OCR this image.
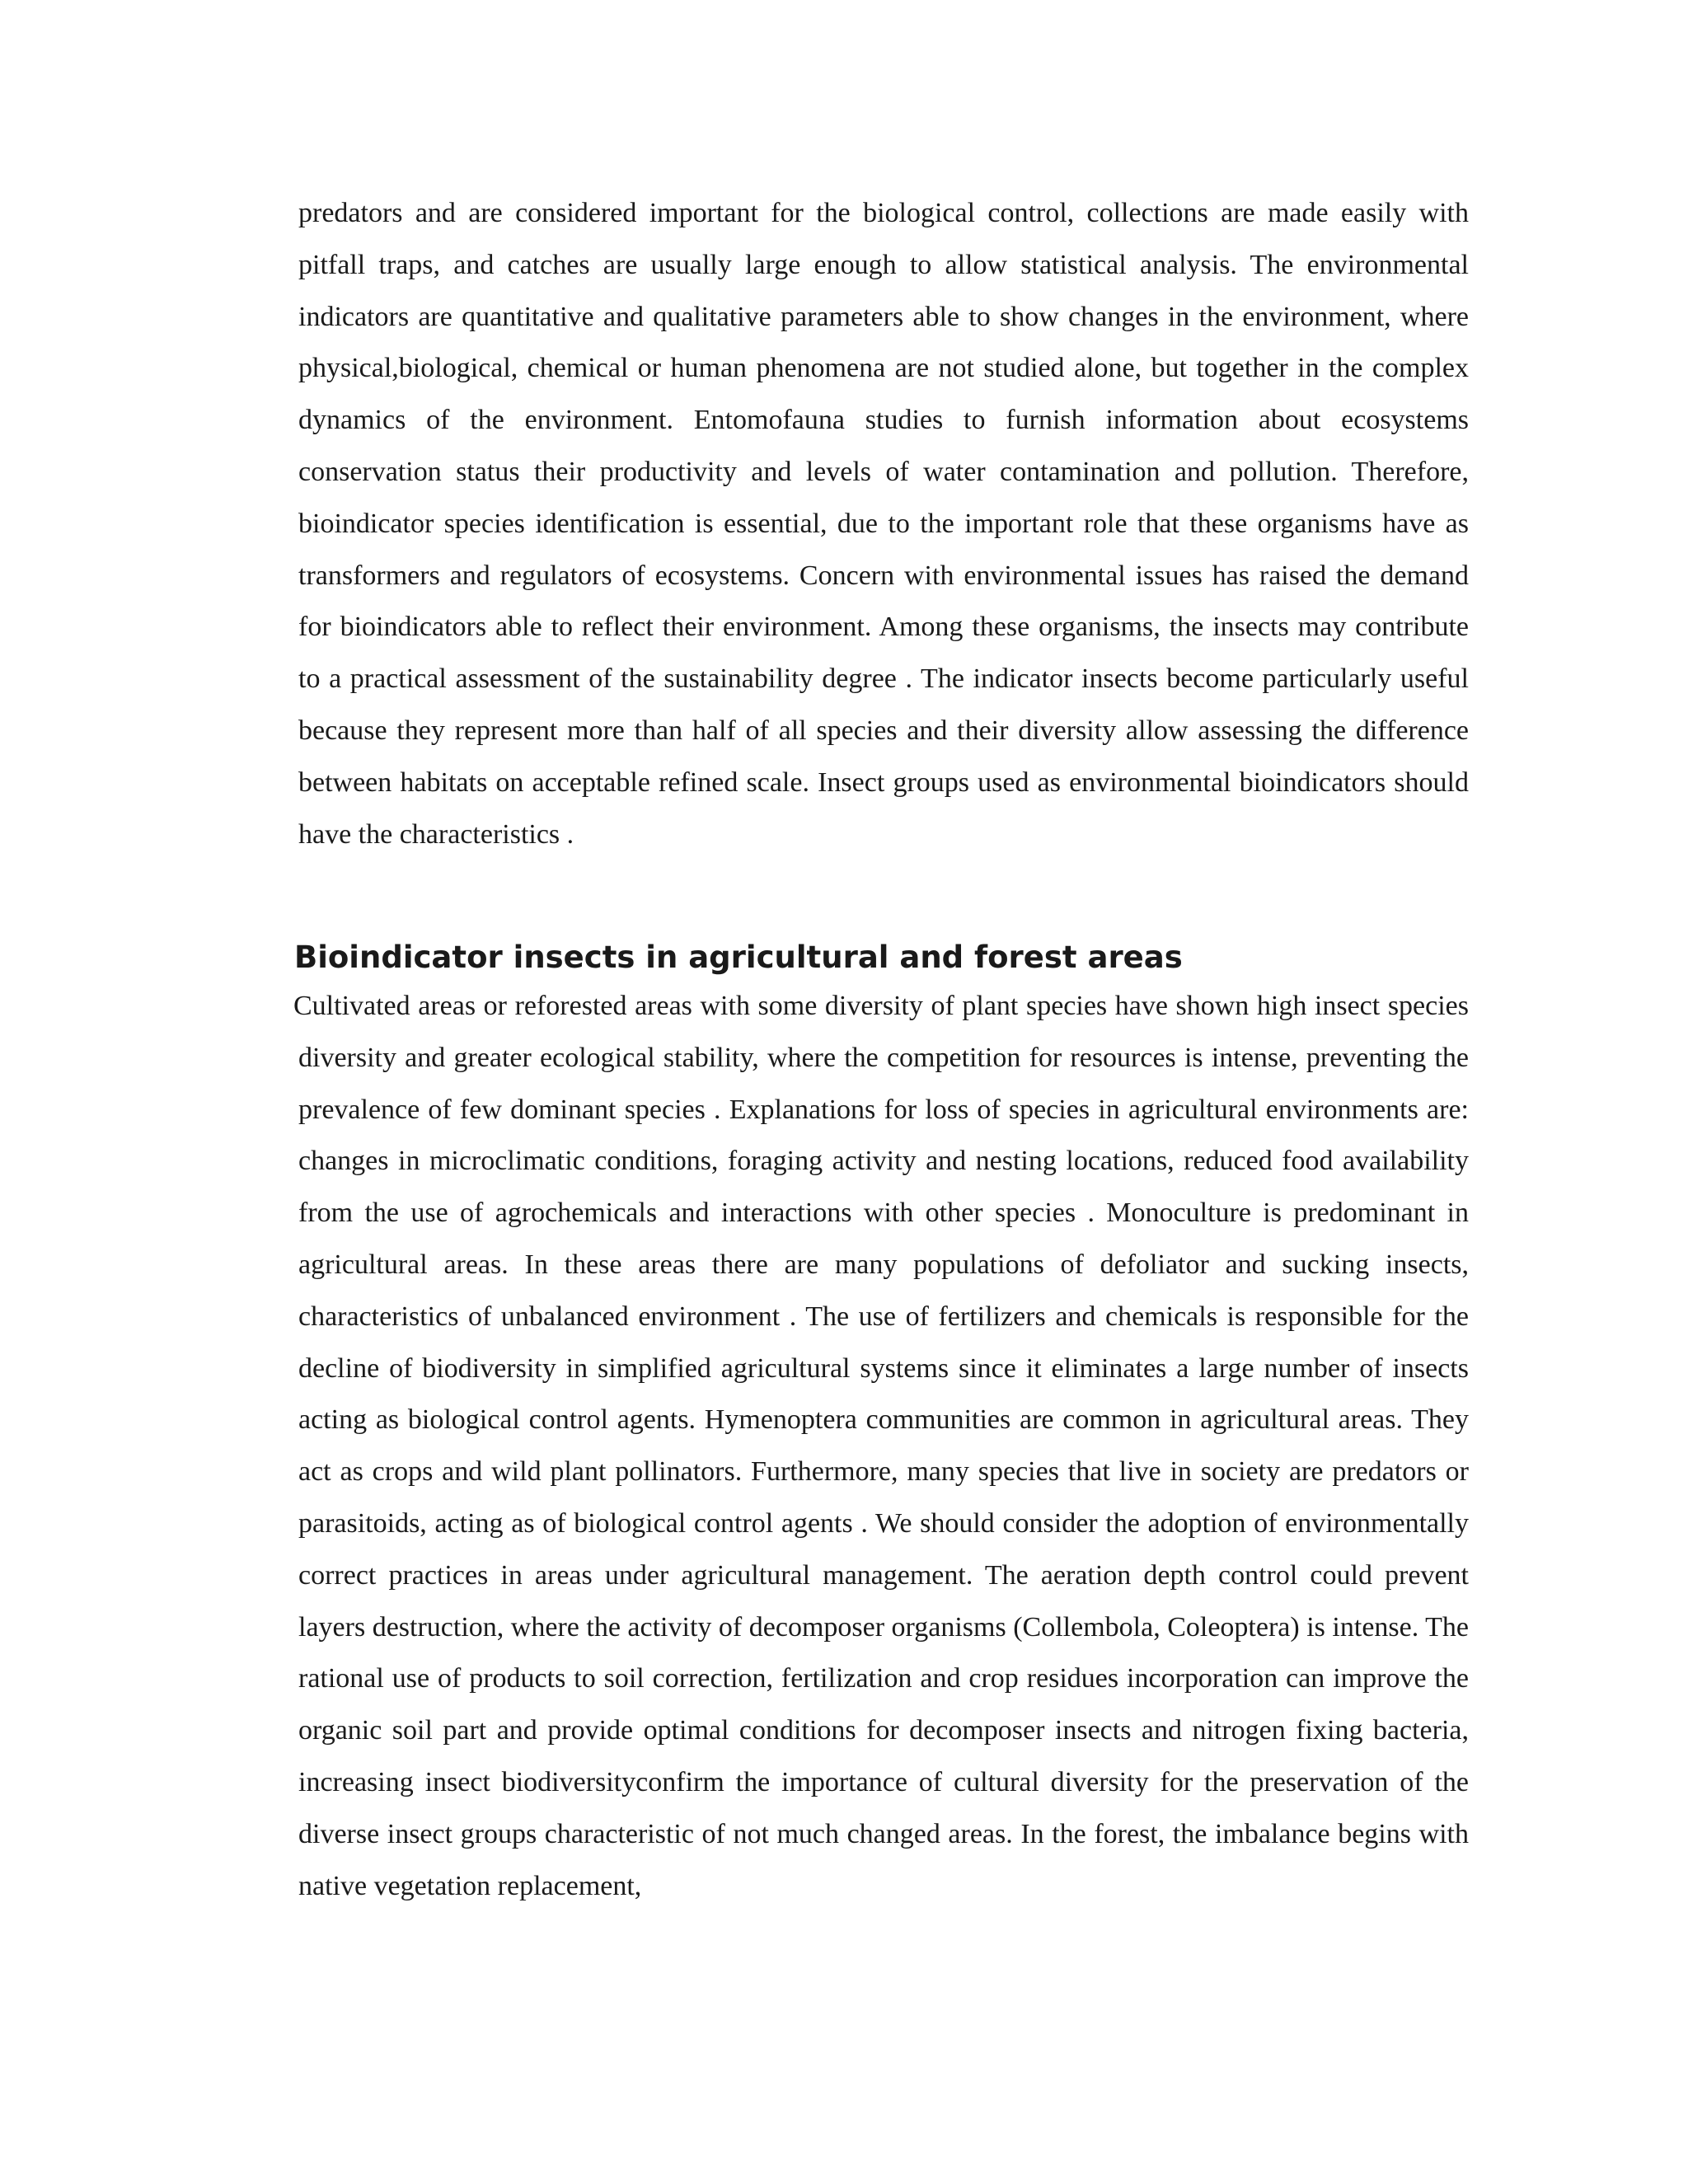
predators and are considered important for the biological control, collections are made easily with pitfall traps, and catches are usually large enough to allow statistical analysis. The environmental indicators are quantitative and qualitative parameters able to show changes in the environment, where physical,biological, chemical or human phenomena are not studied alone, but together in the complex dynamics of the environment. Entomofauna studies to furnish information about ecosystems conservation status their productivity and levels of water contamination and pollution. Therefore, bioindicator species identification is essential, due to the important role that these organisms have as transformers and regulators of ecosystems. Concern with environmental issues has raised the demand for bioindicators able to reflect their environment. Among these organisms, the insects may contribute to a practical assessment of the sustainability degree . The indicator insects become particularly useful because they represent more than half of all species and their diversity allow assessing the difference between habitats on acceptable refined scale. Insect groups used as environmental bioindicators should have the characteristics .

Bioindicator insects in agricultural and forest areas

Cultivated areas or reforested areas with some diversity of plant species have shown high insect species diversity and greater ecological stability, where the competition for resources is intense, preventing the prevalence of few dominant species . Explanations for loss of species in agricultural environments are: changes in microclimatic conditions, foraging activity and nesting locations, reduced food availability from the use of agrochemicals and interactions with other species . Monoculture is predominant in agricultural areas. In these areas there are many populations of defoliator and sucking insects, characteristics of unbalanced environment . The use of fertilizers and chemicals is responsible for the decline of biodiversity in simplified agricultural systems since it eliminates a large number of insects acting as biological control agents. Hymenoptera communities are common in agricultural areas. They act as crops and wild plant pollinators. Furthermore, many species that live in society are predators or parasitoids, acting as of biological control agents . We should consider the adoption of environmentally correct practices in areas under agricultural management. The aeration depth control could prevent layers destruction, where the activity of decomposer organisms (Collembola, Coleoptera) is intense. The rational use of products to soil correction, fertilization and crop residues incorporation can improve the organic soil part and provide optimal conditions for decomposer insects and nitrogen fixing bacteria, increasing insect biodiversityconfirm the importance of cultural diversity for the preservation of the diverse insect groups characteristic of not much changed areas. In the forest, the imbalance begins with native vegetation replacement,
